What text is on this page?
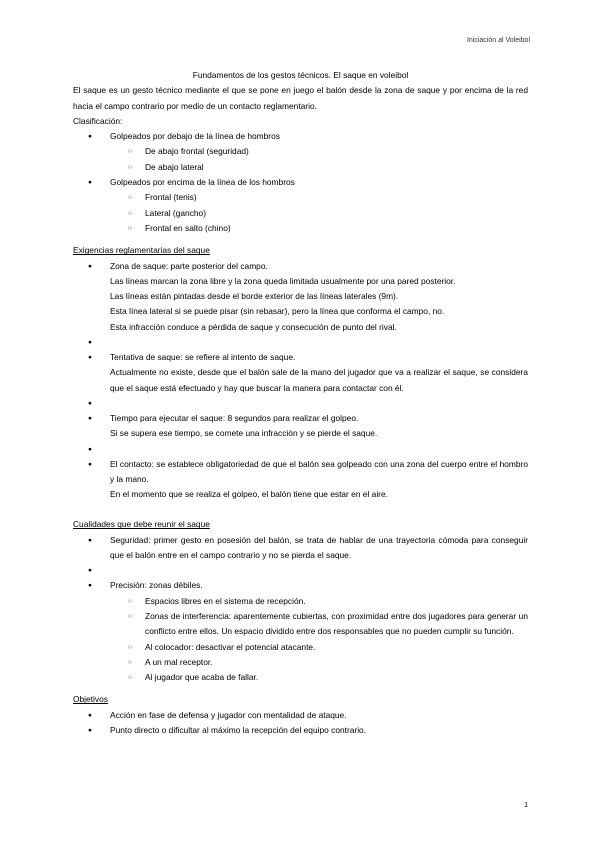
Iniciación al Voleibol

Fundamentos de los gestos técnicos. El saque en voleibol

El saque es un gesto técnico mediante el que se pone en juego el balón desde la zona de saque y por encima de la red hacia el campo contrario por medio de un contacto reglamentario.

Clasificación:

● Golpeados por debajo de la línea de hombros
○ De abajo frontal (seguridad)
○ De abajo lateral
● Golpeados por encima de la línea de los hombros
○ Frontal (tenis)
○ Lateral (gancho)
○ Frontal en salto (chino)

Exigencias reglamentarias del saque

● Zona de saque: parte posterior del campo.
Las líneas marcan la zona libre y la zona queda limitada usualmente por una pared posterior.
Las líneas están pintadas desde el borde exterior de las líneas laterales (9m).
Esta línea lateral si se puede pisar (sin rebasar), pero la línea que conforma el campo, no.
Esta infracción conduce a pérdida de saque y consecución de punto del rival.
●
● Tentativa de saque: se refiere al intento de saque.
Actualmente no existe, desde que el balón sale de la mano del jugador que va a realizar el saque, se considera que el saque está efectuado y hay que buscar la manera para contactar con él.
●
● Tiempo para ejecutar el saque: 8 segundos para realizar el golpeo.
Si se supera ese tiempo, se comete una infracción y se pierde el saque.
●
● El contacto: se establece obligatoriedad de que el balón sea golpeado con una zona del cuerpo entre el hombro y la mano.
En el momento que se realiza el golpeo, el balón tiene que estar en el aire.

Cualidades que debe reunir el saque

● Seguridad: primer gesto en posesión del balón, se trata de hablar de una trayectoria cómoda para conseguir que el balón entre en el campo contrario y no se pierda el saque.
●
● Precisión: zonas débiles.
○ Espacios libres en el sistema de recepción.
○ Zonas de interferencia: aparentemente cubiertas, con proximidad entre dos jugadores para generar un conflicto entre ellos. Un espacio dividido entre dos responsables que no pueden cumplir su función.
○ Al colocador: desactivar el potencial atacante.
○ A un mal receptor.
○ Al jugador que acaba de fallar.

Objetivos

● Acción en fase de defensa y jugador con mentalidad de ataque.
● Punto directo o dificultar al máximo la recepción del equipo contrario.
1
